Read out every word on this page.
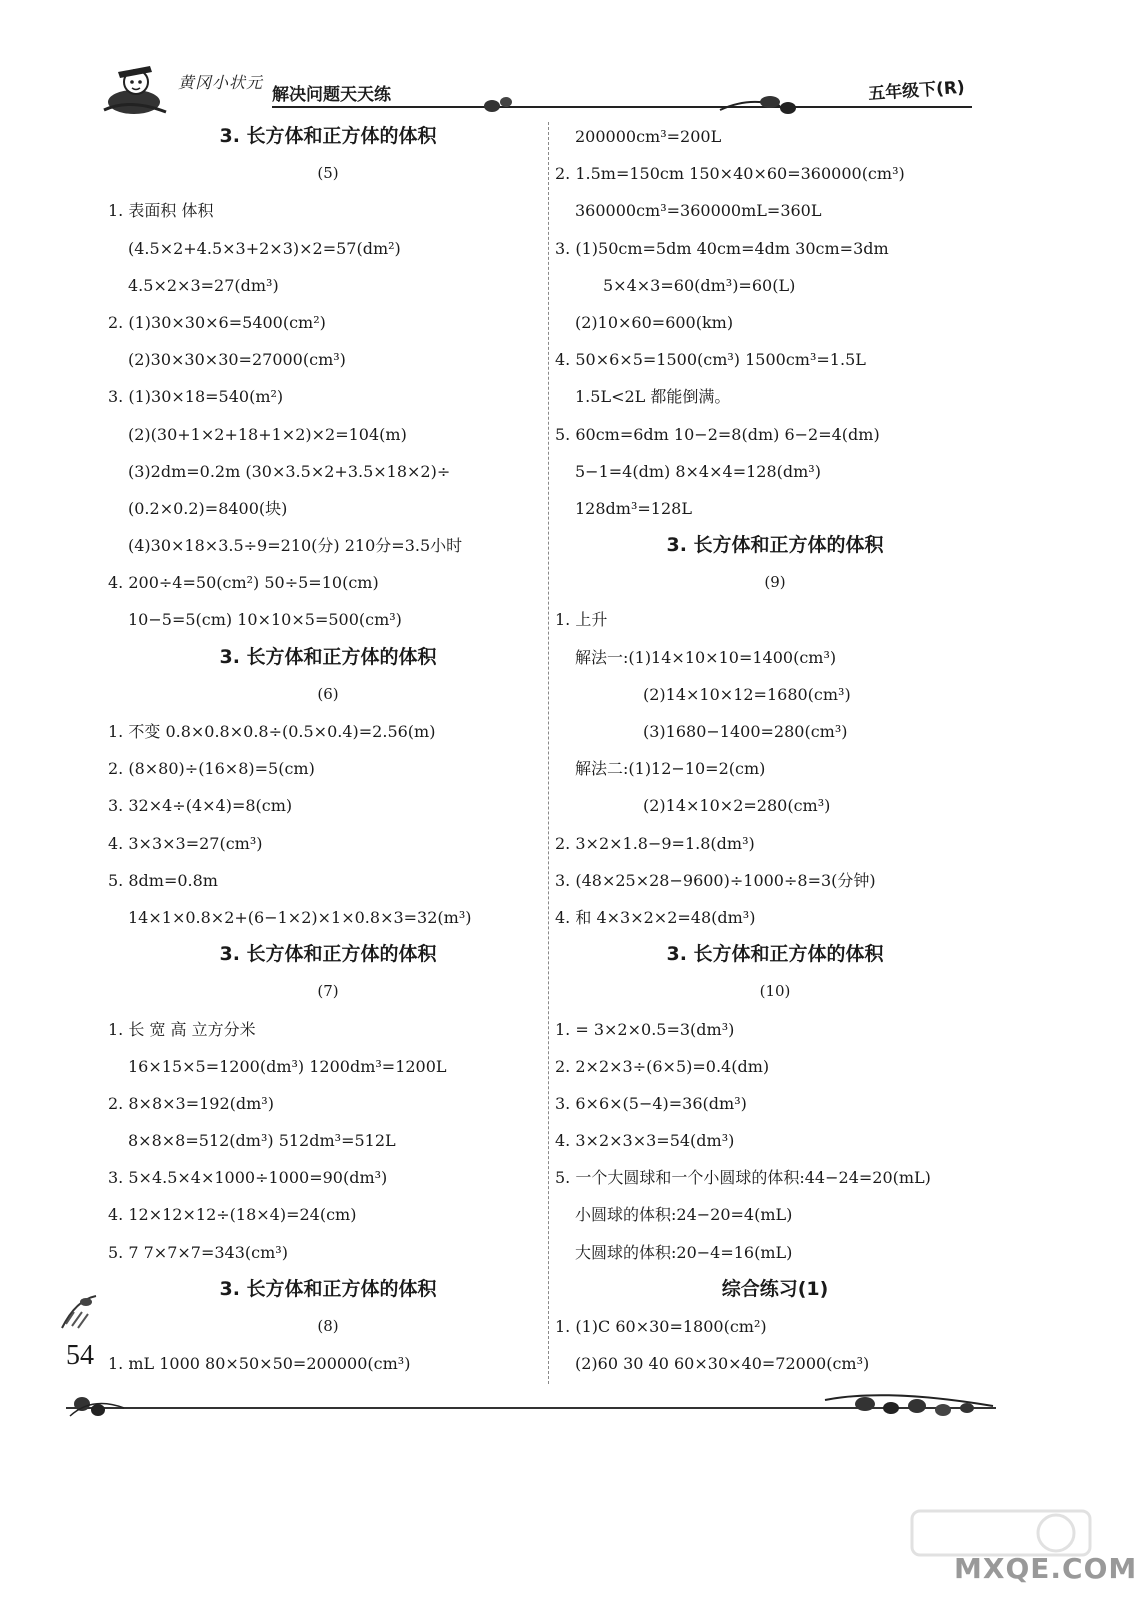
黄冈小状元
解决问题天天练	五年级下(R)
3. 长方体和正方体的体积
(5)
1. 表面积 体积
(4.5×2+4.5×3+2×3)×2=57(dm²)
4.5×2×3=27(dm³)
2. (1)30×30×6=5400(cm²)
(2)30×30×30=27000(cm³)
3. (1)30×18=540(m²)
(2)(30+1×2+18+1×2)×2=104(m)
(3)2dm=0.2m (30×3.5×2+3.5×18×2)÷
(0.2×0.2)=8400(块)
(4)30×18×3.5÷9=210(分) 210分=3.5小时
4. 200÷4=50(cm²) 50÷5=10(cm)
10−5=5(cm) 10×10×5=500(cm³)
3. 长方体和正方体的体积
(6)
1. 不变 0.8×0.8×0.8÷(0.5×0.4)=2.56(m)
2. (8×80)÷(16×8)=5(cm)
3. 32×4÷(4×4)=8(cm)
4. 3×3×3=27(cm³)
5. 8dm=0.8m
14×1×0.8×2+(6−1×2)×1×0.8×3=32(m³)
3. 长方体和正方体的体积
(7)
1. 长 宽 高 立方分米
16×15×5=1200(dm³) 1200dm³=1200L
2. 8×8×3=192(dm³)
8×8×8=512(dm³) 512dm³=512L
3. 5×4.5×4×1000÷1000=90(dm³)
4. 12×12×12÷(18×4)=24(cm)
5. 7 7×7×7=343(cm³)
3. 长方体和正方体的体积
(8)
1. mL 1000 80×50×50=200000(cm³)
200000cm³=200L
2. 1.5m=150cm 150×40×60=360000(cm³)
360000cm³=360000mL=360L
3. (1)50cm=5dm 40cm=4dm 30cm=3dm
5×4×3=60(dm³)=60(L)
(2)10×60=600(km)
4. 50×6×5=1500(cm³) 1500cm³=1.5L
1.5L<2L 都能倒满。
5. 60cm=6dm 10−2=8(dm) 6−2=4(dm)
5−1=4(dm) 8×4×4=128(dm³)
128dm³=128L
3. 长方体和正方体的体积
(9)
1. 上升
解法一:(1)14×10×10=1400(cm³)
(2)14×10×12=1680(cm³)
(3)1680−1400=280(cm³)
解法二:(1)12−10=2(cm)
(2)14×10×2=280(cm³)
2. 3×2×1.8−9=1.8(dm³)
3. (48×25×28−9600)÷1000÷8=3(分钟)
4. 和 4×3×2×2=48(dm³)
3. 长方体和正方体的体积
(10)
1. = 3×2×0.5=3(dm³)
2. 2×2×3÷(6×5)=0.4(dm)
3. 6×6×(5−4)=36(dm³)
4. 3×2×3×3=54(dm³)
5. 一个大圆球和一个小圆球的体积:44−24=20(mL)
小圆球的体积:24−20=4(mL)
大圆球的体积:20−4=16(mL)
综合练习(1)
1. (1)C 60×30=1800(cm²)
(2)60 30 40 60×30×40=72000(cm³)
54
MXQE.COM
